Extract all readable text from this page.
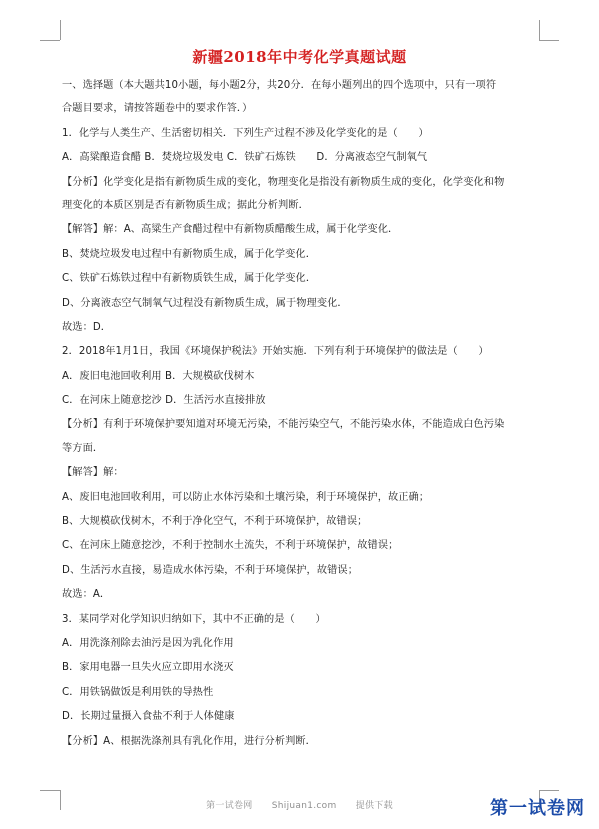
新疆2018年中考化学真题试题
一、选择题（本大题共10小题，每小题2分，共20分．在每小题列出的四个选项中，只有一项符
合题目要求，请按答题卷中的要求作答．）
1．化学与人类生产、生活密切相关．下列生产过程不涉及化学变化的是（　　）
A．高粱酿造食醋 B．焚烧垃圾发电 C．铁矿石炼铁　　D．分离液态空气制氧气
【分析】化学变化是指有新物质生成的变化，物理变化是指没有新物质生成的变化，化学变化和物
理变化的本质区别是否有新物质生成；据此分析判断．
【解答】解：A、高粱生产食醋过程中有新物质醋酸生成，属于化学变化．
B、焚烧垃圾发电过程中有新物质生成，属于化学变化．
C、铁矿石炼铁过程中有新物质铁生成，属于化学变化．
D、分离液态空气制氧气过程没有新物质生成，属于物理变化．
故选：D．
2．2018年1月1日，我国《环境保护税法》开始实施．下列有利于环境保护的做法是（　　）
A．废旧电池回收利用 B．大规模砍伐树木
C．在河床上随意挖沙 D．生活污水直接排放
【分析】有利于环境保护要知道对环境无污染，不能污染空气，不能污染水体，不能造成白色污染
等方面．
【解答】解：
A、废旧电池回收利用，可以防止水体污染和土壤污染，利于环境保护，故正确；
B、大规模砍伐树木，不利于净化空气，不利于环境保护，故错误；
C、在河床上随意挖沙，不利于控制水土流失，不利于环境保护，故错误；
D、生活污水直接，易造成水体污染，不利于环境保护，故错误；
故选：A．
3．某同学对化学知识归纳如下，其中不正确的是（　　）
A．用洗涤剂除去油污是因为乳化作用
B．家用电器一旦失火应立即用水浇灭
C．用铁锅做饭是利用铁的导热性
D．长期过量摄入食盐不利于人体健康
【分析】A、根据洗涤剂具有乳化作用，进行分析判断．
第一试卷网 Shijuan1.com 提供下载	第一试卷网
